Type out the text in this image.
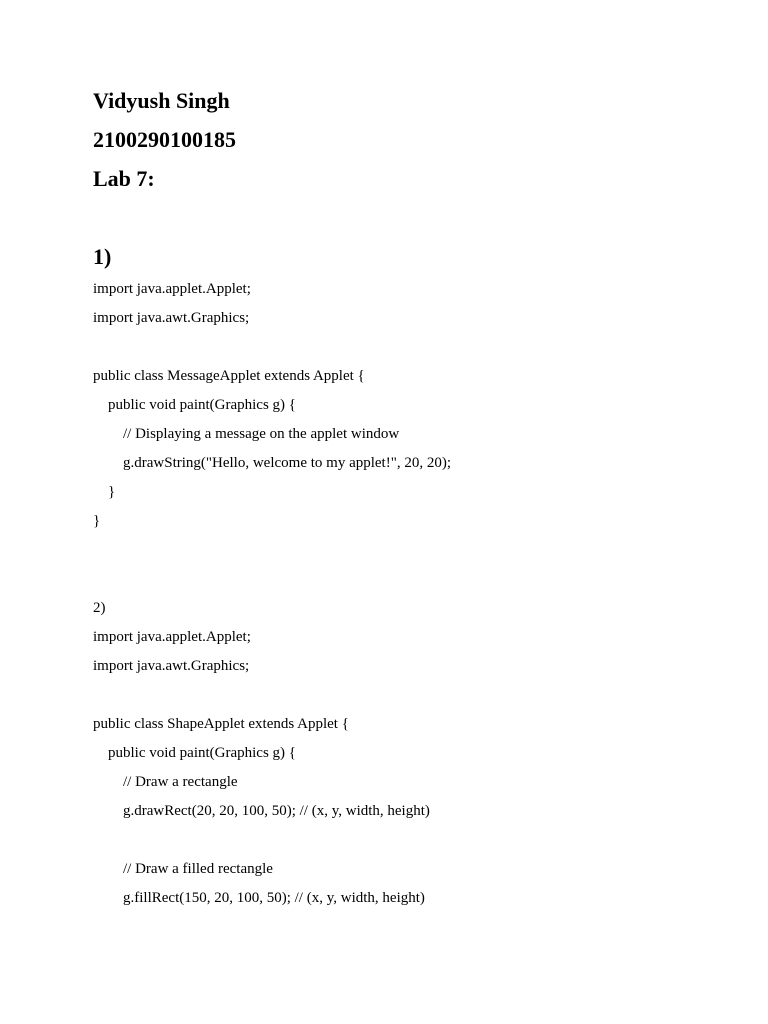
Vidyush Singh
2100290100185
Lab 7:
1)
import java.applet.Applet;
import java.awt.Graphics;
public class MessageApplet extends Applet {
public void paint(Graphics g) {
// Displaying a message on the applet window
g.drawString("Hello, welcome to my applet!", 20, 20);
}
}
2)
import java.applet.Applet;
import java.awt.Graphics;
public class ShapeApplet extends Applet {
public void paint(Graphics g) {
// Draw a rectangle
g.drawRect(20, 20, 100, 50); // (x, y, width, height)
// Draw a filled rectangle
g.fillRect(150, 20, 100, 50); // (x, y, width, height)
